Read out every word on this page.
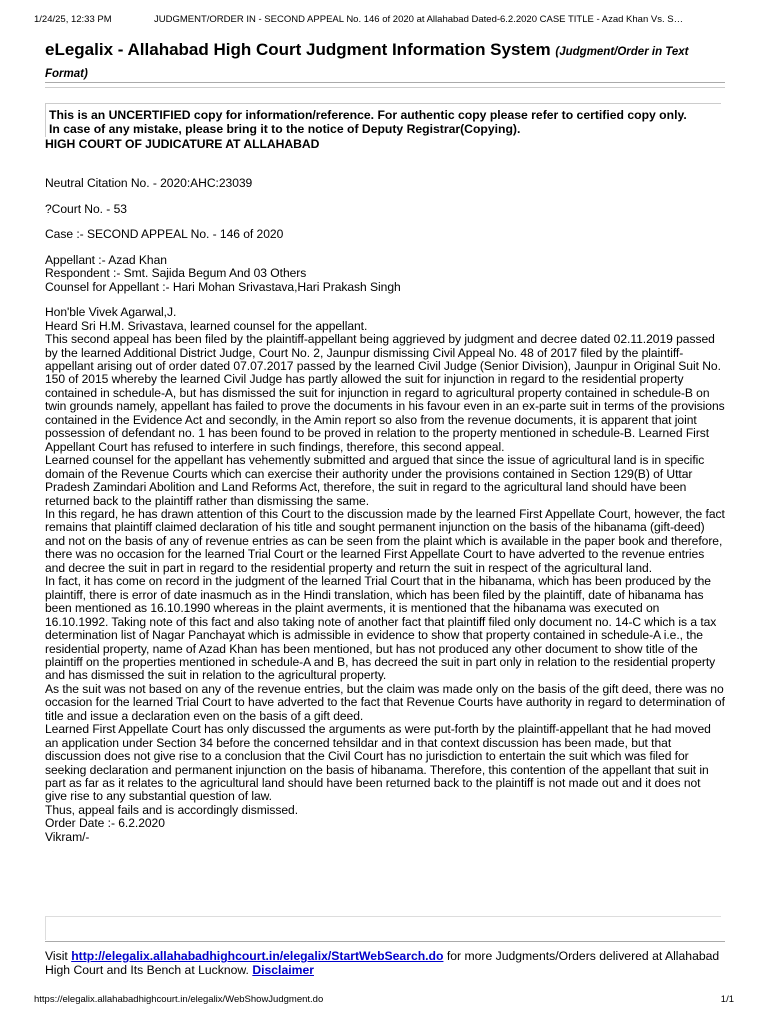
1/24/25, 12:33 PM	JUDGMENT/ORDER IN - SECOND APPEAL No. 146 of 2020 at Allahabad Dated-6.2.2020 CASE TITLE - Azad Khan Vs. S…
eLegalix - Allahabad High Court Judgment Information System (Judgment/Order in Text Format)
This is an UNCERTIFIED copy for information/reference. For authentic copy please refer to certified copy only.
In case of any mistake, please bring it to the notice of Deputy Registrar(Copying).
HIGH COURT OF JUDICATURE AT ALLAHABAD

Neutral Citation No. - 2020:AHC:23039

?Court No. - 53

Case :- SECOND APPEAL No. - 146 of 2020

Appellant :- Azad Khan

Respondent :- Smt. Sajida Begum And 03 Others

Counsel for Appellant :- Hari Mohan Srivastava,Hari Prakash Singh

Hon'ble Vivek Agarwal,J.

Heard Sri H.M. Srivastava, learned counsel for the appellant.

This second appeal has been filed by the plaintiff-appellant being aggrieved by judgment and decree dated 02.11.2019 passed by the learned Additional District Judge, Court No. 2, Jaunpur dismissing Civil Appeal No. 48 of 2017 filed by the plaintiff-appellant arising out of order dated 07.07.2017 passed by the learned Civil Judge (Senior Division), Jaunpur in Original Suit No. 150 of 2015 whereby the learned Civil Judge has partly allowed the suit for injunction in regard to the residential property contained in schedule-A, but has dismissed the suit for injunction in regard to agricultural property contained in schedule-B on twin grounds namely, appellant has failed to prove the documents in his favour even in an ex-parte suit in terms of the provisions contained in the Evidence Act and secondly, in the Amin report so also from the revenue documents, it is apparent that joint possession of defendant no. 1 has been found to be proved in relation to the property mentioned in schedule-B. Learned First Appellant Court has refused to interfere in such findings, therefore, this second appeal.

Learned counsel for the appellant has vehemently submitted and argued that since the issue of agricultural land is in specific domain of the Revenue Courts which can exercise their authority under the provisions contained in Section 129(B) of Uttar Pradesh Zamindari Abolition and Land Reforms Act, therefore, the suit in regard to the agricultural land should have been returned back to the plaintiff rather than dismissing the same.

In this regard, he has drawn attention of this Court to the discussion made by the learned First Appellate Court, however, the fact remains that plaintiff claimed declaration of his title and sought permanent injunction on the basis of the hibanama (gift-deed) and not on the basis of any of revenue entries as can be seen from the plaint which is available in the paper book and therefore, there was no occasion for the learned Trial Court or the learned First Appellate Court to have adverted to the revenue entries and decree the suit in part in regard to the residential property and return the suit in respect of the agricultural land.

In fact, it has come on record in the judgment of the learned Trial Court that in the hibanama, which has been produced by the plaintiff, there is error of date inasmuch as in the Hindi translation, which has been filed by the plaintiff, date of hibanama has been mentioned as 16.10.1990 whereas in the plaint averments, it is mentioned that the hibanama was executed on 16.10.1992. Taking note of this fact and also taking note of another fact that plaintiff filed only document no. 14-C which is a tax determination list of Nagar Panchayat which is admissible in evidence to show that property contained in schedule-A i.e., the residential property, name of Azad Khan has been mentioned, but has not produced any other document to show title of the plaintiff on the properties mentioned in schedule-A and B, has decreed the suit in part only in relation to the residential property and has dismissed the suit in relation to the agricultural property.

As the suit was not based on any of the revenue entries, but the claim was made only on the basis of the gift deed, there was no occasion for the learned Trial Court to have adverted to the fact that Revenue Courts have authority in regard to determination of title and issue a declaration even on the basis of a gift deed.

Learned First Appellate Court has only discussed the arguments as were put-forth by the plaintiff-appellant that he had moved an application under Section 34 before the concerned tehsildar and in that context discussion has been made, but that discussion does not give rise to a conclusion that the Civil Court has no jurisdiction to entertain the suit which was filed for seeking declaration and permanent injunction on the basis of hibanama. Therefore, this contention of the appellant that suit in part as far as it relates to the agricultural land should have been returned back to the plaintiff is not made out and it does not give rise to any substantial question of law.

Thus, appeal fails and is accordingly dismissed.

Order Date :- 6.2.2020

Vikram/-

Visit http://elegalix.allahabadhighcourt.in/elegalix/StartWebSearch.do for more Judgments/Orders delivered at Allahabad High Court and Its Bench at Lucknow. Disclaimer
https://elegalix.allahabadhighcourt.in/elegalix/WebShowJudgment.do	1/1
